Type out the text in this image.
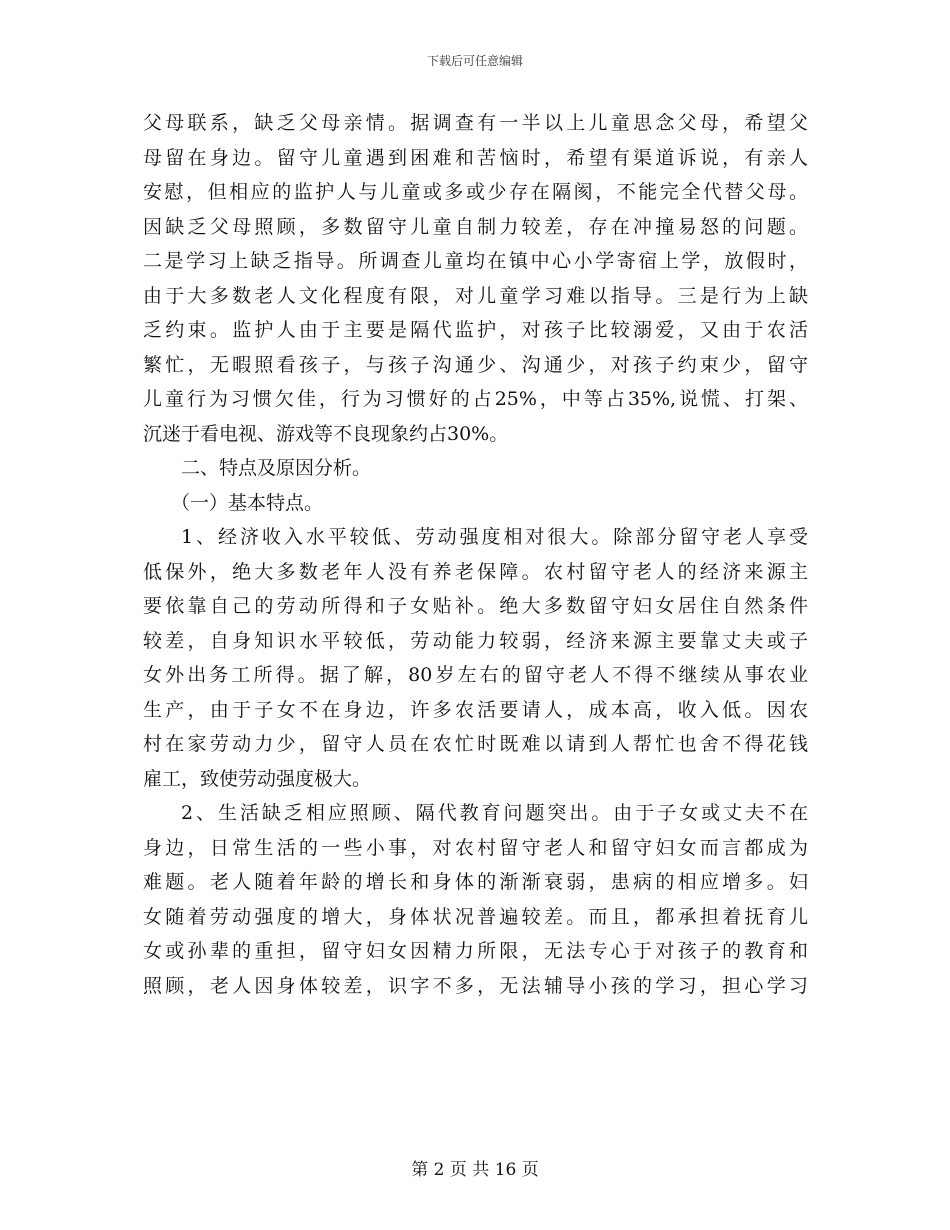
下载后可任意编辑
父母联系，缺乏父母亲情。据调查有一半以上儿童思念父母，希望父
母留在身边。留守儿童遇到困难和苦恼时，希望有渠道诉说，有亲人
安慰，但相应的监护人与儿童或多或少存在隔阂，不能完全代替父母。
因缺乏父母照顾，多数留守儿童自制力较差，存在冲撞易怒的问题。
二是学习上缺乏指导。所调查儿童均在镇中心小学寄宿上学，放假时，
由于大多数老人文化程度有限，对儿童学习难以指导。三是行为上缺
乏约束。监护人由于主要是隔代监护，对孩子比较溺爱，又由于农活
繁忙，无暇照看孩子，与孩子沟通少、沟通少，对孩子约束少，留守
儿童行为习惯欠佳，行为习惯好的占25%，中等占35%,说慌、打架、
沉迷于看电视、游戏等不良现象约占30%。
二、特点及原因分析。
（一）基本特点。
1、经济收入水平较低、劳动强度相对很大。除部分留守老人享受
低保外，绝大多数老年人没有养老保障。农村留守老人的经济来源主
要依靠自己的劳动所得和子女贴补。绝大多数留守妇女居住自然条件
较差，自身知识水平较低，劳动能力较弱，经济来源主要靠丈夫或子
女外出务工所得。据了解，80岁左右的留守老人不得不继续从事农业
生产，由于子女不在身边，许多农活要请人，成本高，收入低。因农
村在家劳动力少，留守人员在农忙时既难以请到人帮忙也舍不得花钱
雇工，致使劳动强度极大。
2、生活缺乏相应照顾、隔代教育问题突出。由于子女或丈夫不在
身边，日常生活的一些小事，对农村留守老人和留守妇女而言都成为
难题。老人随着年龄的增长和身体的渐渐衰弱，患病的相应增多。妇
女随着劳动强度的增大，身体状况普遍较差。而且，都承担着抚育儿
女或孙辈的重担，留守妇女因精力所限，无法专心于对孩子的教育和
照顾，老人因身体较差，识字不多，无法辅导小孩的学习，担心学习
第 2 页 共 16 页
